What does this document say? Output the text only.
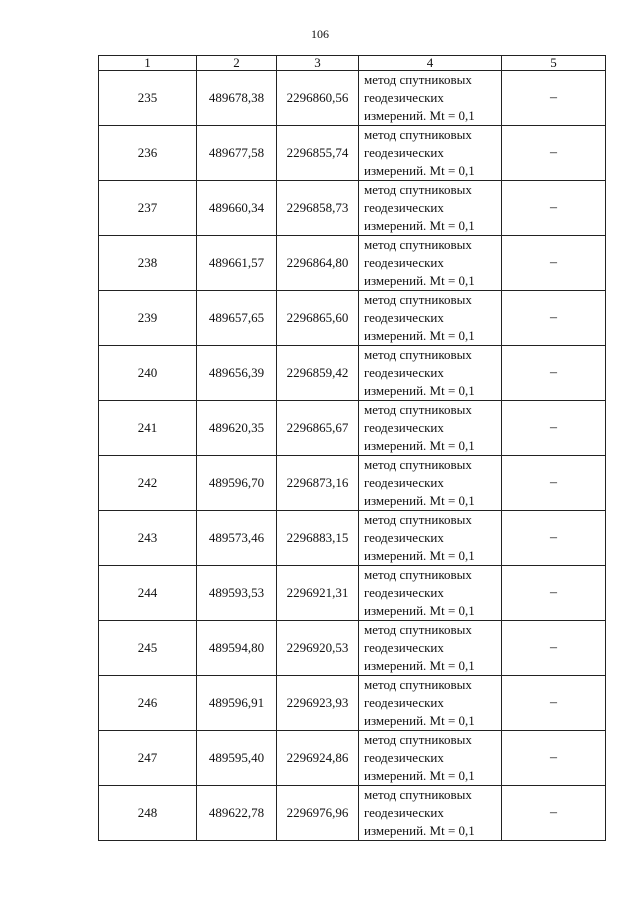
106
1	2	3	4	5
235	489678,38	2296860,56	метод спутниковых
геодезических
измерений. Mt = 0,1	–
236	489677,58	2296855,74	метод спутниковых
геодезических
измерений. Mt = 0,1	–
237	489660,34	2296858,73	метод спутниковых
геодезических
измерений. Mt = 0,1	–
238	489661,57	2296864,80	метод спутниковых
геодезических
измерений. Mt = 0,1	–
239	489657,65	2296865,60	метод спутниковых
геодезических
измерений. Mt = 0,1	–
240	489656,39	2296859,42	метод спутниковых
геодезических
измерений. Mt = 0,1	–
241	489620,35	2296865,67	метод спутниковых
геодезических
измерений. Mt = 0,1	–
242	489596,70	2296873,16	метод спутниковых
геодезических
измерений. Mt = 0,1	–
243	489573,46	2296883,15	метод спутниковых
геодезических
измерений. Mt = 0,1	–
244	489593,53	2296921,31	метод спутниковых
геодезических
измерений. Mt = 0,1	–
245	489594,80	2296920,53	метод спутниковых
геодезических
измерений. Mt = 0,1	–
246	489596,91	2296923,93	метод спутниковых
геодезических
измерений. Mt = 0,1	–
247	489595,40	2296924,86	метод спутниковых
геодезических
измерений. Mt = 0,1	–
248	489622,78	2296976,96	метод спутниковых
геодезических
измерений. Mt = 0,1	–
